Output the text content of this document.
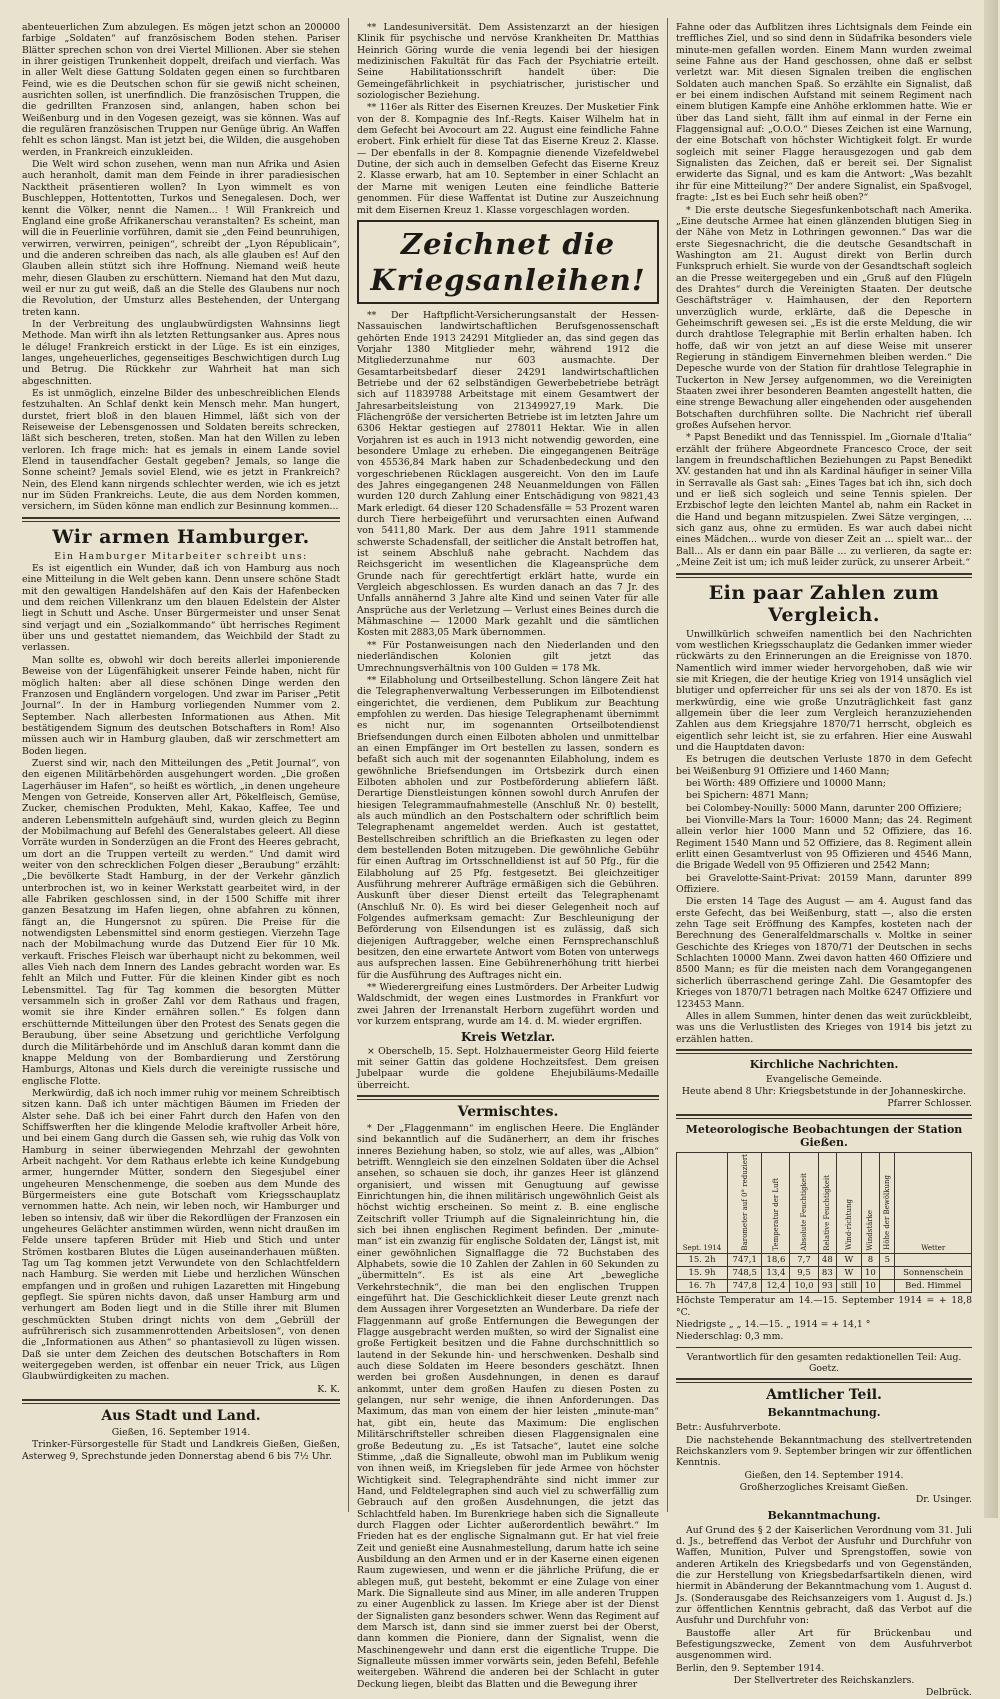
abenteuerlichen Zum abzulegen. Es mögen jetzt schon an 200000 farbige „Soldaten“ auf französischem Boden stehen. Pariser Blätter sprechen schon von drei Viertel Millionen. Aber sie stehen in ihrer geistigen Trunkenheit doppelt, dreifach und vierfach. Was in aller Welt diese Gattung Soldaten gegen einen so furchtbaren Feind, wie es die Deutschen schon für sie gewiß nicht scheinen, ausrichten sollen, ist unerfindlich. Die französischen Truppen, die die gedrillten Franzosen sind, anlangen, haben schon bei Weißenburg und in den Vogesen gezeigt, was sie können. Was auf die regulären französischen Truppen nur Genüge übrig. An Waffen fehlt es schon längst. Man ist jetzt bei, die Wilden, die ausgehoben werden, in Frankreich einzukleiden.

Die Welt wird schon zusehen, wenn man nun Afrika und Asien auch heranholt, damit man dem Feinde in ihrer paradiesischen Nacktheit präsentieren wollen? In Lyon wimmelt es von Buschleppen, Hottentotten, Turkos und Senegalesen. Doch, wer kennt die Völker, nennt die Namen... ! Will Frankreich und England eine große Afrikanerschau veranstalten? Es scheint, man will die in Feuerlinie vorführen, damit sie „den Feind beunruhigen, verwirren, verwirren, peinigen“, schreibt der „Lyon Républicain“, und die anderen schreiben das nach, als alle glauben es! Auf den Glauben allein stützt sich ihre Hoffnung. Niemand weiß heute mehr, diesen Glauben zu erschüttern. Niemand hat den Mut dazu, weil er nur zu gut weiß, daß an die Stelle des Glaubens nur noch die Revolution, der Umsturz alles Bestehenden, der Untergang treten kann.

In der Verbreitung des unglaubwürdigsten Wahnsinns liegt Methode. Man wirft ihn als letzten Rettungsanker aus. Apres nous le déluge! Frankreich erstickt in der Lüge. Es ist ein einziges, langes, ungeheuerliches, gegenseitiges Beschwichtigen durch Lug und Betrug. Die Rückkehr zur Wahrheit hat man sich abgeschnitten.

Es ist unmöglich, einzelne Bilder des unbeschreiblichen Elends festzuhalten. An Schlaf denkt kein Mensch mehr. Man hungert, durstet, friert bloß in den blauen Himmel, läßt sich von der Reiseweise der Lebensgenossen und Soldaten bereits schrecken, läßt sich bescheren, treten, stoßen. Man hat den Willen zu leben verloren. Ich frage mich: hat es jemals in einem Lande soviel Elend in tausendfacher Gestalt gegeben? Jemals, so lange die Sonne scheint? Jemals soviel Elend, wie es jetzt in Frankreich? Nein, des Elend kann nirgends schlechter werden, wie ich es jetzt nur im Süden Frankreichs. Leute, die aus dem Norden kommen, versichern, im Süden könne man endlich zur Besinnung kommen...

Wir armen Hamburger.

Ein Hamburger Mitarbeiter schreibt uns:

Es ist eigentlich ein Wunder, daß ich von Hamburg aus noch eine Mitteilung in die Welt geben kann. Denn unsere schöne Stadt mit den gewaltigen Handelshäfen auf den Kais der Hafenbecken und dem reichen Villenkranz um den blauen Edelstein der Alster liegt in Schutt und Asche. Unser Bürgermeister und unser Senat sind verjagt und ein „Sozialkommando“ übt herrisches Regiment über uns und gestattet niemandem, das Weichbild der Stadt zu verlassen.

Man sollte es, obwohl wir doch bereits allerlei imponierende Beweise von der Lügenfähigkeit unserer Feinde haben, nicht für möglich halten: aber all diese schönen Dinge werden den Franzosen und Engländern vorgelogen. Und zwar im Pariser „Petit Journal“. In der in Hamburg vorliegenden Nummer vom 2. September. Nach allerbesten Informationen aus Athen. Mit bestätigendem Signum des deutschen Botschafters in Rom! Also müssen auch wir in Hamburg glauben, daß wir zerschmettert am Boden liegen.

Zuerst sind wir, nach den Mitteilungen des „Petit Journal“, von den eigenen Militärbehörden ausgehungert worden. „Die großen Lagerhäuser im Hafen“, so heißt es wörtlich, „in denen ungeheure Mengen von Getreide, Konserven aller Art, Pökelfleisch, Gemüse, Zucker, chemischen Produkten, Mehl, Kakao, Kaffee, Tee und anderen Lebensmitteln aufgehäuft sind, wurden gleich zu Beginn der Mobilmachung auf Befehl des Generalstabes geleert. All diese Vorräte wurden in Sonderzügen an die Front des Heeres gebracht, um dort an die Truppen verteilt zu werden.“ Und damit wird weiter von den schrecklichen Folgen dieser „Beraubung“ erzählt: „Die bevölkerte Stadt Hamburg, in der der Verkehr gänzlich unterbrochen ist, wo in keiner Werkstatt gearbeitet wird, in der alle Fabriken geschlossen sind, in der 1500 Schiffe mit ihrer ganzen Besatzung im Hafen liegen, ohne abfahren zu können, fängt an, die Hungersnot zu spüren. Die Preise für die notwendigsten Lebensmittel sind enorm gestiegen. Vierzehn Tage nach der Mobilmachung wurde das Dutzend Eier für 10 Mk. verkauft. Frisches Fleisch war überhaupt nicht zu bekommen, weil alles Vieh nach dem Innern des Landes gebracht worden war. Es fehlt an Milch und Futter. Für die kleinen Kinder gibt es noch Lebensmittel. Tag für Tag kommen die besorgten Mütter versammeln sich in großer Zahl vor dem Rathaus und fragen, womit sie ihre Kinder ernähren sollen.“ Es folgen dann erschütternde Mitteilungen über den Protest des Senats gegen die Beraubung, über seine Absetzung und gerichtliche Verfolgung durch die Militärbehörde und im Anschluß daran kommt dann die knappe Meldung von der Bombardierung und Zerstörung Hamburgs, Altonas und Kiels durch die vereinigte russische und englische Flotte.

Merkwürdig, daß ich noch immer ruhig vor meinem Schreibtisch sitzen kann. Daß ich unter mächtigen Bäumen im Frieden der Alster sehe. Daß ich bei einer Fahrt durch den Hafen von den Schiffswerften her die klingende Melodie kraftvoller Arbeit höre, und bei einem Gang durch die Gassen seh, wie ruhig das Volk von Hamburg in seiner überwiegenden Mehrzahl der gewohnten Arbeit nachgeht. Vor dem Rathaus erlebte ich keine Kundgebung armer, hungernder Mütter, sondern den Siegesjubel einer ungeheuren Menschenmenge, die soeben aus dem Munde des Bürgermeisters eine gute Botschaft vom Kriegsschauplatz vernommen hatte. Ach nein, wir leben noch, wir Hamburger und leben so intensiv, daß wir über die Rekordlügen der Franzosen ein ungeheures Gelächter anstimmen würden, wenn nicht draußen im Felde unsere tapferen Brüder mit Hieb und Stich und unter Strömen kostbaren Blutes die Lügen auseinanderhauen müßten. Tag um Tag kommen jetzt Verwundete von den Schlachtfeldern nach Hamburg. Sie werden mit Liebe und herzlichen Wünschen empfangen und in großen und ruhigen Lazaretten mit Hingebung gepflegt. Sie spüren nichts davon, daß unser Hamburg arm und verhungert am Boden liegt und in die Stille ihrer mit Blumen geschmückten Stuben dringt nichts von dem „Gebrüll der aufrührerisch sich zusammenrottenden Arbeitslosen“, von denen die „Informationen aus Athen“ so phantasievoll zu lügen wissen. Daß sie unter dem Zeichen des deutschen Botschafters in Rom weitergegeben werden, ist offenbar ein neuer Trick, aus Lügen Glaubwürdigkeiten zu machen.

K. K.

Aus Stadt und Land.

Gießen, 16. September 1914.

Trinker-Fürsorgestelle für Stadt und Landkreis Gießen, Gießen, Asterweg 9, Sprechstunde jeden Donnerstag abend 6 bis 7½ Uhr.

** Landesuniversität. Dem Assistenzarzt an der hiesigen Klinik für psychische und nervöse Krankheiten Dr. Matthias Heinrich Göring wurde die venia legendi bei der hiesigen medizinischen Fakultät für das Fach der Psychiatrie erteilt. Seine Habilitationsschrift handelt über: Die Gemeingefährlichkeit in psychiatrischer, juristischer und soziologischer Beziehung.

** 116er als Ritter des Eisernen Kreuzes. Der Musketier Fink von der 8. Kompagnie des Inf.-Regts. Kaiser Wilhelm hat in dem Gefecht bei Avocourt am 22. August eine feindliche Fahne erobert. Fink erhielt für diese Tat das Eiserne Kreuz 2. Klasse. — Der ebenfalls in der 8. Kompagnie dienende Vizefeldwebel Dutine, der sich auch in demselben Gefecht das Eiserne Kreuz 2. Klasse erwarb, hat am 10. September in einer Schlacht an der Marne mit wenigen Leuten eine feindliche Batterie genommen. Für diese Waffentat ist Dutine zur Auszeichnung mit dem Eisernen Kreuz 1. Klasse vorgeschlagen worden.

Zeichnet die Kriegsanleihen!

** Der Haftpflicht-Versicherungsanstalt der Hessen-Nassauischen landwirtschaftlichen Berufsgenossenschaft gehörten Ende 1913 24291 Mitglieder an, das sind gegen das Vorjahr 1380 Mitglieder mehr, während 1912 die Mitgliederzunahme nur 603 ausmachte. Der Gesamtarbeitsbedarf dieser 24291 landwirtschaftlichen Betriebe und der 62 selbständigen Gewerbebetriebe beträgt sich auf 11839788 Arbeitstage mit einem Gesamtwert der Jahresarbeitsleistung von 21349927,19 Mark. Die Flächengröße der versicherten Betriebe ist im letzten Jahre um 6306 Hektar gestiegen auf 278011 Hektar. Wie in allen Vorjahren ist es auch in 1913 nicht notwendig geworden, eine besondere Umlage zu erheben. Die eingegangenen Beiträge von 45536,84 Mark haben zur Schadenbedeckung und den vorgeschriebenen Rücklagen ausgereicht. Von den im Laufe des Jahres eingegangenen 248 Neuanmeldungen von Fällen wurden 120 durch Zahlung einer Entschädigung von 9821,43 Mark erledigt. 64 dieser 120 Schadensfälle = 53 Prozent waren durch Tiere herbeigeführt und verursachten einen Aufwand von 5411,80 Mark. Der aus dem Jahre 1911 stammende schwerste Schadensfall, der seitlicher die Anstalt betroffen hat, ist seinem Abschluß nahe gebracht. Nachdem das Reichsgericht im wesentlichen die Klageansprüche dem Grunde nach für gerechtfertigt erklärt hatte, wurde ein Vergleich abgeschlossen. Es wurden danach an das 7 Jr. des Unfalls annähernd 3 Jahre alte Kind und seinen Vater für alle Ansprüche aus der Verletzung — Verlust eines Beines durch die Mähmaschine — 12000 Mark gezahlt und die sämtlichen Kosten mit 2883,05 Mark übernommen.

** Für Postanweisungen nach den Niederlanden und den niederländischen Kolonien gilt jetzt das Umrechnungsverhältnis von 100 Gulden = 178 Mk.

** Eilabholung und Ortseilbestellung. Schon längere Zeit hat die Telegraphenverwaltung Verbesserungen im Eilbotendienst eingerichtet, die verdienen, dem Publikum zur Beachtung empfohlen zu werden. Das hiesige Telegraphenamt übernimmt es nicht nur, im sogenannten Ortseilbotendienst Briefsendungen durch einen Eilboten abholen und unmittelbar an einen Empfänger im Ort bestellen zu lassen, sondern es befaßt sich auch mit der sogenannten Eilabholung, indem es gewöhnliche Briefsendungen im Ortsbezirk durch einen Eilboten abholen und zur Postbeförderung abliefern läßt. Derartige Dienstleistungen können sowohl durch Anrufen der hiesigen Telegrammaufnahmestelle (Anschluß Nr. 0) bestellt, als auch mündlich an den Postschaltern oder schriftlich beim Telegraphenamt angemeldet werden. Auch ist gestattet, Bestellschreiben schriftlich an die Briefkasten zu legen oder dem bestellenden Boten mitzugeben. Die gewöhnliche Gebühr für einen Auftrag im Ortsschnelldienst ist auf 50 Pfg., für die Eilabholung auf 25 Pfg. festgesetzt. Bei gleichzeitiger Ausführung mehrerer Aufträge ermäßigen sich die Gebühren. Auskunft über dieser Dienst erteilt das Telegraphenamt (Anschluß Nr. 0). Es wird bei dieser Gelegenheit noch auf Folgendes aufmerksam gemacht: Zur Beschleunigung der Beförderung von Eilsendungen ist es zulässig, daß sich diejenigen Auftraggeber, welche einen Fernsprechanschluß besitzen, den eine erwartete Antwort vom Boten von unterwegs aus aufsprechen lassen. Eine Gebührenerhöhung tritt hierbei für die Ausführung des Auftrages nicht ein.

** Wiederergreifung eines Lustmörders. Der Arbeiter Ludwig Waldschmidt, der wegen eines Lustmordes in Frankfurt vor zwei Jahren der Irrenanstalt Herborn zugeführt worden und vor kurzem entsprang, wurde am 14. d. M. wieder ergriffen.

Kreis Wetzlar.

× Oberschelb, 15. Sept. Holzhauermeister Georg Hild feierte mit seiner Gattin das goldene Hochzeitsfest. Dem greisen Jubelpaar wurde die goldene Ehejubiläums-Medaille überreicht.

Vermischtes.

* Der „Flaggenmann“ im englischen Heere. Die Engländer sind bekanntlich auf die Sudänerherr, an dem ihr frisches inneres Beziehung haben, so stolz, wie auf alles, was „Albion“ betrifft. Wenngleich sie den einzelnen Soldaten über die Achsel ansehen, so schauen sie doch, ihr ganzes Heer ist glänzend organisiert, und wissen mit Genugtuung auf gewisse Einrichtungen hin, die ihnen militärisch ungewöhnlich Geist als höchst wichtig erscheinen. So meint z. B. eine englische Zeitschrift voller Triumph auf die Signaleinrichtung hin, die sich bei ihnen englischen Regiment befinden. Der „minute-man“ ist ein zwanzig für englische Soldaten der, Längst ist, mit einer gewöhnlichen Signalflagge die 72 Buchstaben des Alphabets, sowie die 10 Zahlen der Zahlen in 60 Sekunden zu „übermitteln“. Es ist als eine Art „bewegliche Verkehrstechnik“, die man bei den englischen Truppen eingeführt hat. Die Geschicklichkeit dieser Leute grenzt nach dem Aussagen ihrer Vorgesetzten an Wunderbare. Da riefe der Flaggenmann auf große Entfernungen die Bewegungen der Flagge ausgebracht werden mußten, so wird der Signalist eine große Fertigkeit besitzen und die Fahne durchschnittlich so lautend in der Sekunde hin- und herschwenken. Deshalb sind auch diese Soldaten im Heere besonders geschätzt. Ihnen werden bei großen Ausdehnungen, in denen es darauf ankommt, unter dem großen Haufen zu diesen Posten zu gelangen, nur sehr wenige, die ihnen Anforderungen. Das Maximum, das man von einem der hier leisten „minute-man“ hat, gibt ein, heute das Maximum: Die englischen Militärschriftsteller schreiben diesen Flaggensignalen eine große Bedeutung zu. „Es ist Tatsache“, lautet eine solche Stimme, „daß die Signalleute, obwohl man im Publikum wenig von ihnen weiß, im Kriegsleben für jede Armee von höchster Wichtigkeit sind. Telegraphendrähte sind nicht immer zur Hand, und Feldtelegraphen sind auch viel zu schwerfällig zum Gebrauch auf den großen Ausdehnungen, die jetzt das Schlachtfeld haben. Im Burenkriege haben sich die Signalleute durch Flaggen oder Lichter außerordentlich bewährt.“ Im Frieden hat es der englische Signalmann gut. Er hat viel freie Zeit und genießt eine Ausnahmestellung, darum hatte ich seine Ausbildung an den Armen und er in der Kaserne einen eigenen Raum zugewiesen, und wenn er die jährliche Prüfung, die er ablegen muß, gut besteht, bekommt er eine Zulage von einer Mark. Die Signalleute sind aus Miner, im alle anderen Truppen zu einer Augenblick zu lassen. Im Kriege aber ist der Dienst der Signalisten ganz besonders schwer. Wenn das Regiment auf dem Marsch ist, dann sind sie immer zuerst bei der Oberst, dann kommen die Pioniere, dann der Signalist, wenn die Maschinengewehr und dann erst die eigentliche Truppe. Die Signalleute müssen immer vorwärts sein, jeden Befehl, Befehle weitergeben. Während die anderen bei der Schlacht in guter Deckung liegen, bleibt das Blatten und die Bewegung ihrer

Fahne oder das Aufblitzen ihres Lichtsignals dem Feinde ein treffliches Ziel, und so sind denn in Südafrika besonders viele minute-men gefallen worden. Einem Mann wurden zweimal seine Fahne aus der Hand geschossen, ohne daß er selbst verletzt war. Mit diesen Signalen treiben die englischen Soldaten auch manchen Spaß. So erzählte ein Signalist, daß er bei einem indischen Aufstand mit seinem Regiment nach einem blutigen Kampfe eine Anhöhe erklommen hatte. Wie er über das Land sieht, fällt ihm auf einmal in der Ferne ein Flaggensignal auf: „O.O.O.“ Dieses Zeichen ist eine Warnung, der eine Botschaft von höchster Wichtigkeit folgt. Er wurde sogleich mit seiner Flagge herausgezogen und gab dem Signalisten das Zeichen, daß er bereit sei. Der Signalist erwiderte das Signal, und es kam die Antwort: „Was bezahlt ihr für eine Mitteilung?“ Der andere Signalist, ein Spaßvogel, fragte: „Ist es bei Euch sehr heiß oben?“

* Die erste deutsche Siegesfunkenbotschaft nach Amerika. „Eine deutsche Armee hat einen glänzenden blutigen Sieg in der Nähe von Metz in Lothringen gewonnen.“ Das war die erste Siegesnachricht, die die deutsche Gesandtschaft in Washington am 21. August direkt von Berlin durch Funkspruch erhielt. Sie wurde von der Gesandtschaft sogleich an die Presse weitergegeben und ein „Gruß auf den Flügeln des Drahtes“ durch die Vereinigten Staaten. Der deutsche Geschäftsträger v. Haimhausen, der den Reportern unverzüglich wurde, erklärte, daß die Depesche in Geheimschrift gewesen sei. „Es ist die erste Meldung, die wir durch drahtlose Telegraphie mit Berlin erhalten haben. Ich hoffe, daß wir von jetzt an auf diese Weise mit unserer Regierung in ständigem Einvernehmen bleiben werden.“ Die Depesche wurde von der Station für drahtlose Telegraphie in Tuckerton in New Jersey aufgenommen, wo die Vereinigten Staaten zwei ihrer besonderen Beamten angestellt hatten, die eine strenge Bewachung aller eingehenden oder ausgehenden Botschaften durchführen sollte. Die Nachricht rief überall großes Aufsehen hervor.

* Papst Benedikt und das Tennisspiel. Im „Giornale d'Italia“ erzählt der frühere Abgeordnete Francesco Croce, der seit langem in freundschaftlichen Beziehungen zu Papst Benedikt XV. gestanden hat und ihn als Kardinal häufiger in seiner Villa in Serravalle als Gast sah: „Eines Tages bat ich ihn, sich doch und er ließ sich sogleich und seine Tennis spielen. Der Erzbischof legte den leichten Mantel ab, nahm ein Racket in die Hand und begann mitzuspielen. Zwei Sätze vergingen, ... sich ganz aus, ohne zu ermüden. Es war auch dabei nicht eines Mädchen... wurde von dieser Zeit an ... spielt war... der Ball... Als er dann ein paar Bälle ... zu verlieren, da sagte er: „Meine Zeit ist um; ich muß leider zurück, zu unserer Arbeit.“

Ein paar Zahlen zum Vergleich.

Unwillkürlich schweifen namentlich bei den Nachrichten vom westlichen Kriegsschauplatz die Gedanken immer wieder rückwärts zu den Erinnerungen an die Ereignisse von 1870. Namentlich wird immer wieder hervorgehoben, daß wie wir sie mit Kriegen, die der heutige Krieg von 1914 unsäglich viel blutiger und opferreicher für uns sei als der von 1870. Es ist merkwürdig, eine wie große Unzuträglichkeit fast ganz allgemein über die leer zum Vergleich heranzuziehenden Zahlen aus dem Kriegsjahre 1870/71 herrscht, obgleich es eigentlich sehr leicht ist, sie zu erfahren. Hier eine Auswahl und die Hauptdaten davon:

Es betrugen die deutschen Verluste 1870 in dem Gefecht bei Weißenburg 91 Offiziere und 1460 Mann;

bei Wörth: 489 Offiziere und 10000 Mann;

bei Spichern: 4871 Mann;

bei Colombey-Nouilly: 5000 Mann, darunter 200 Offiziere;

bei Vionville-Mars la Tour: 16000 Mann; das 24. Regiment allein verlor hier 1000 Mann und 52 Offiziere, das 16. Regiment 1540 Mann und 52 Offiziere, das 8. Regiment allein erlitt einen Gesamtverlust von 95 Offizieren und 4546 Mann, die Brigade Wedell von 95 Offizieren und 2542 Mann;

bei Gravelotte-Saint-Privat: 20159 Mann, darunter 899 Offiziere.

Die ersten 14 Tage des August — am 4. August fand das erste Gefecht, das bei Weißenburg, statt —, also die ersten zehn Tage seit Eröffnung des Kampfes, kosteten nach der Berechnung des Generalfeldmarschalls v. Moltke in seiner Geschichte des Krieges von 1870/71 der Deutschen in sechs Schlachten 10000 Mann. Zwei davon hatten 460 Offiziere und 8500 Mann; es für die meisten nach dem Vorangegangenen sicherlich überraschend geringe Zahl. Die Gesamtopfer des Krieges von 1870/71 betragen nach Moltke 6247 Offiziere und 123453 Mann.

Alles in allem Summen, hinter denen das weit zurückbleibt, was uns die Verlustlisten des Krieges von 1914 bis jetzt zu erzählen hatten.

Kirchliche Nachrichten.

Evangelische Gemeinde.

Heute abend 8 Uhr: Kriegsbetstunde in der Johanneskirche.

Pfarrer Schlosser.

Meteorologische Beobachtungen der Station Gießen.
Sept. 1914	Barometer auf 0° reduziert	Temperatur der Luft	Absolute Feuchtigkeit	Relative Feuchtigkeit	Wind-richtung	Windstärke	Höhe der Bewölkung	Wetter
15. 2h	747,1	18,6	7,7	48	W	8	5	
15. 9h	748,5	13,4	9,5	83	W	10		Sonnenschein
16. 7h	747,8	12,4	10,0	93	still	10		Bed. Himmel

Höchste Temperatur am 14.—15. September 1914 = + 18,8 °C.

Niedrigste „ „ 14.—15. „ 1914 = + 14,1 °

Niederschlag: 0,3 mm.

Verantwortlich für den gesamten redaktionellen Teil: Aug. Goetz.

Amtlicher Teil.
Bekanntmachung.

Betr.: Ausfuhrverbote.

Die nachstehende Bekanntmachung des stellvertretenden Reichskanzlers vom 9. September bringen wir zur öffentlichen Kenntnis.

Gießen, den 14. September 1914.

Großherzogliches Kreisamt Gießen.

Dr. Usinger.

Bekanntmachung.

Auf Grund des § 2 der Kaiserlichen Verordnung vom 31. Juli d. Js., betreffend das Verbot der Ausfuhr und Durchfuhr von Waffen, Munition, Pulver und Sprengstoffen, sowie von anderen Artikeln des Kriegsbedarfs und von Gegenständen, die zur Herstellung von Kriegsbedarfsartikeln dienen, wird hiermit in Abänderung der Bekanntmachung vom 1. August d. Js. (Sonderausgabe des Reichsanzeigers vom 1. August d. Js.) zur öffentlichen Kenntnis gebracht, daß das Verbot auf die Ausfuhr und Durchfuhr von:

Baustoffe aller Art für Brückenbau und Befestigungszwecke, Zement von dem Ausfuhrverbot ausgenommen wird.

Berlin, den 9. September 1914.

Der Stellvertreter des Reichskanzlers.

Delbrück.
